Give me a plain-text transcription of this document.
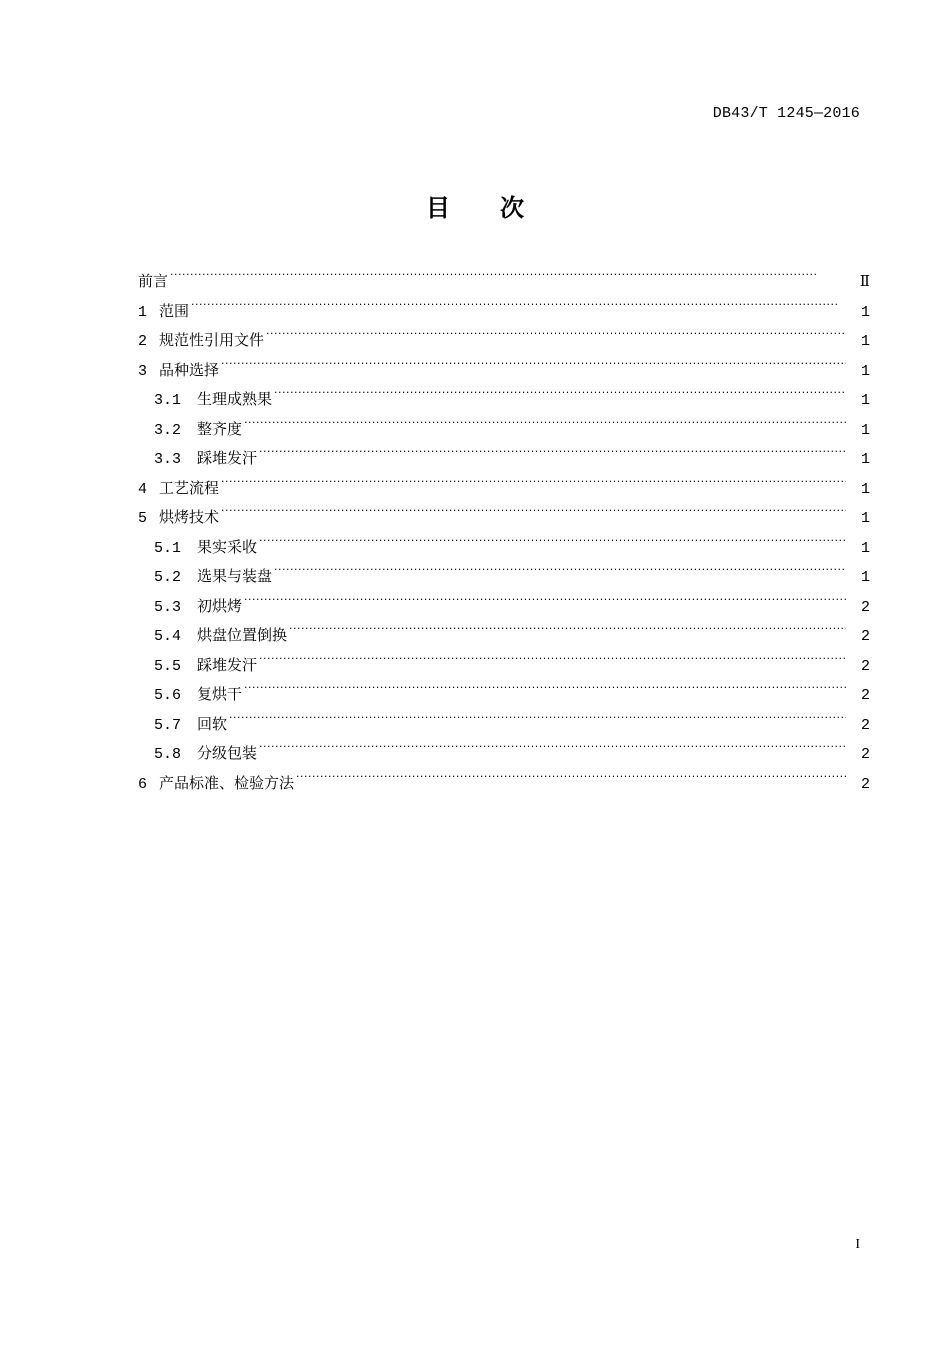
DB43/T 1245—2016
目 次
前言 ·····	Ⅱ
1 范围 ·····	1
2 规范性引用文件 ·····	1
3 品种选择 ·····	1
3.1 生理成熟果 ·····	1
3.2 整齐度 ·····	1
3.3 踩堆发汗 ·····	1
4 工艺流程 ·····	1
5 烘烤技术 ·····	1
5.1 果实采收 ·····	1
5.2 选果与装盘 ·····	1
5.3 初烘烤 ·····	2
5.4 烘盘位置倒换 ·····	2
5.5 踩堆发汗 ·····	2
5.6 复烘干 ·····	2
5.7 回软 ·····	2
5.8 分级包装 ·····	2
6 产品标准、检验方法 ·····	2
I
